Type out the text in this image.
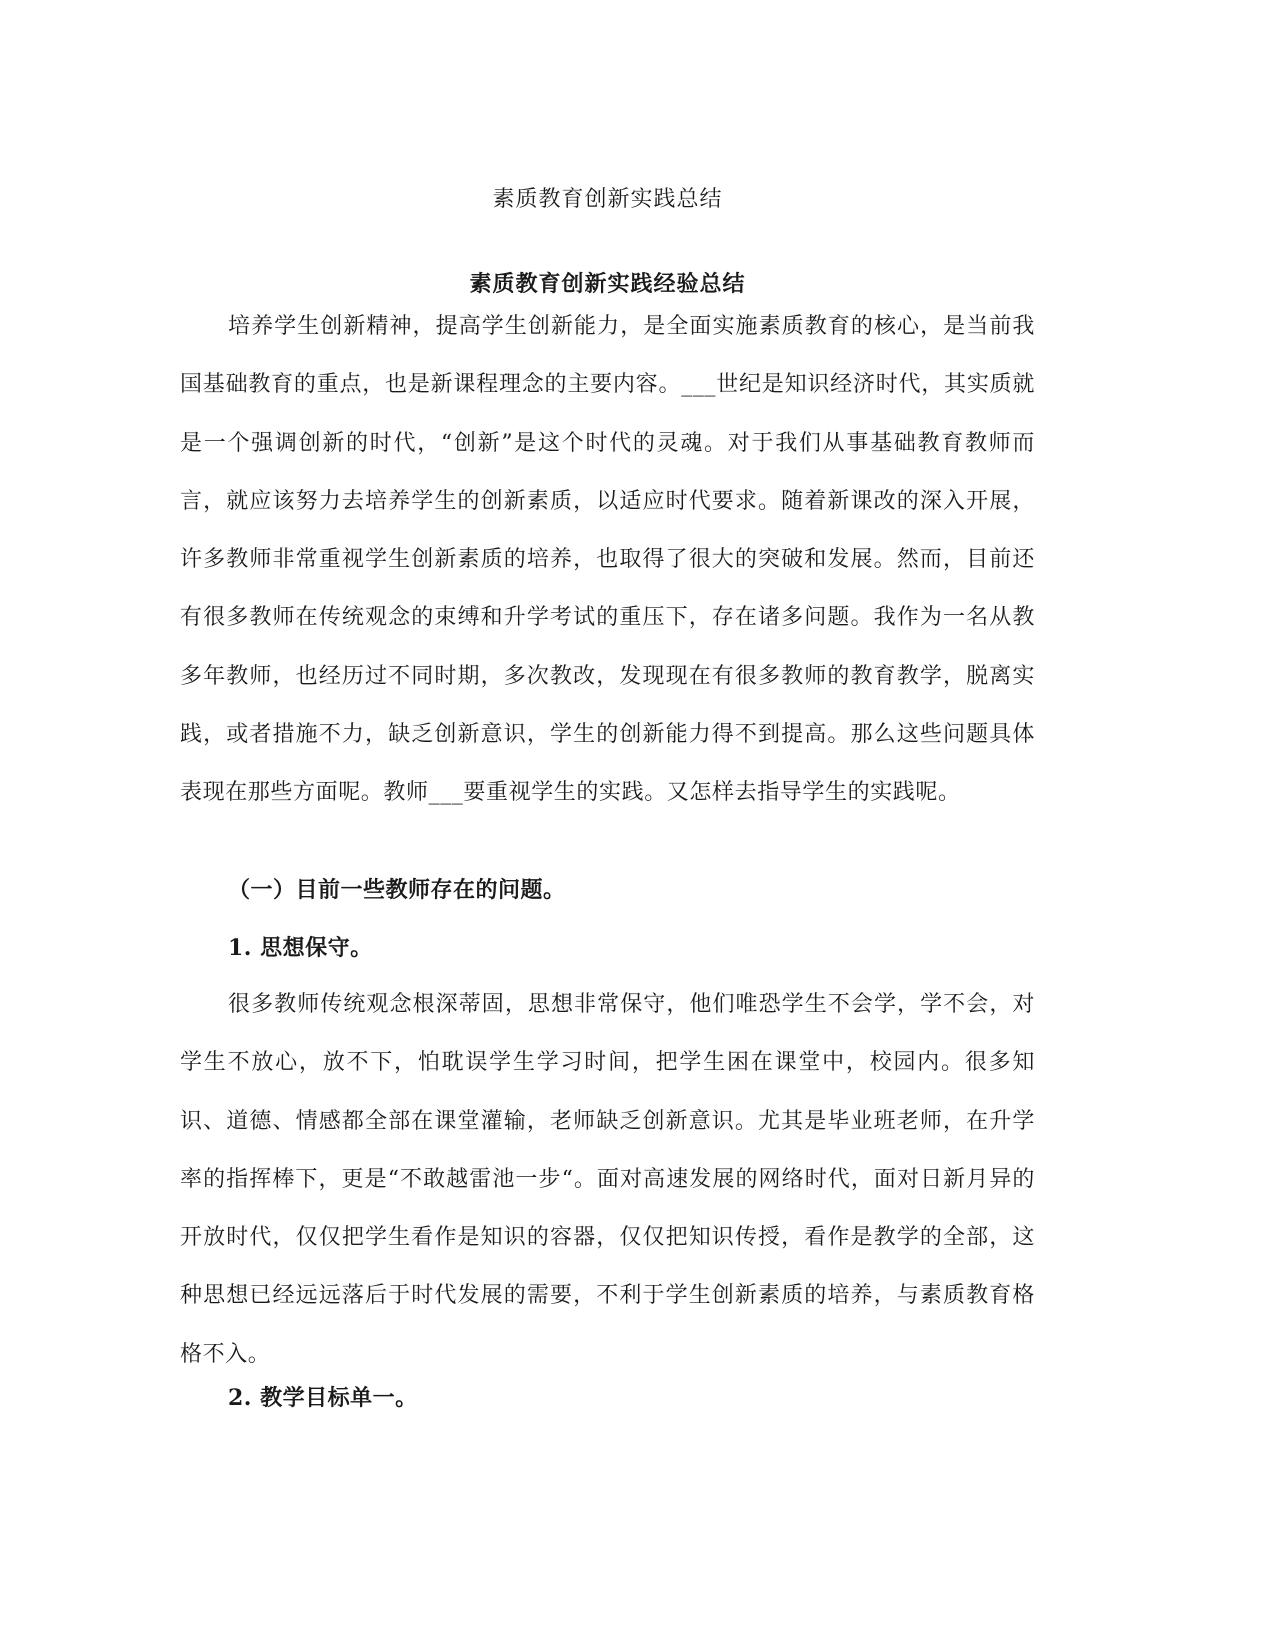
素质教育创新实践总结
素质教育创新实践经验总结

培养学生创新精神，提高学生创新能力，是全面实施素质教育的核心，是当前我国基础教育的重点，也是新课程理念的主要内容。___世纪是知识经济时代，其实质就是一个强调创新的时代，“创新”是这个时代的灵魂。对于我们从事基础教育教师而言，就应该努力去培养学生的创新素质，以适应时代要求。随着新课改的深入开展，许多教师非常重视学生创新素质的培养，也取得了很大的突破和发展。然而，目前还有很多教师在传统观念的束缚和升学考试的重压下，存在诸多问题。我作为一名从教多年教师，也经历过不同时期，多次教改，发现现在有很多教师的教育教学，脱离实践，或者措施不力，缺乏创新意识，学生的创新能力得不到提高。那么这些问题具体表现在那些方面呢。教师___要重视学生的实践。又怎样去指导学生的实践呢。

（一）目前一些教师存在的问题。
1. 思想保守。

很多教师传统观念根深蒂固，思想非常保守，他们唯恐学生不会学，学不会，对学生不放心，放不下，怕耽误学生学习时间，把学生困在课堂中，校园内。很多知识、道德、情感都全部在课堂灌输，老师缺乏创新意识。尤其是毕业班老师，在升学率的指挥棒下，更是“不敢越雷池一步“。面对高速发展的网络时代，面对日新月异的开放时代，仅仅把学生看作是知识的容器，仅仅把知识传授，看作是教学的全部，这种思想已经远远落后于时代发展的需要，不利于学生创新素质的培养，与素质教育格格不入。

2. 教学目标单一。
